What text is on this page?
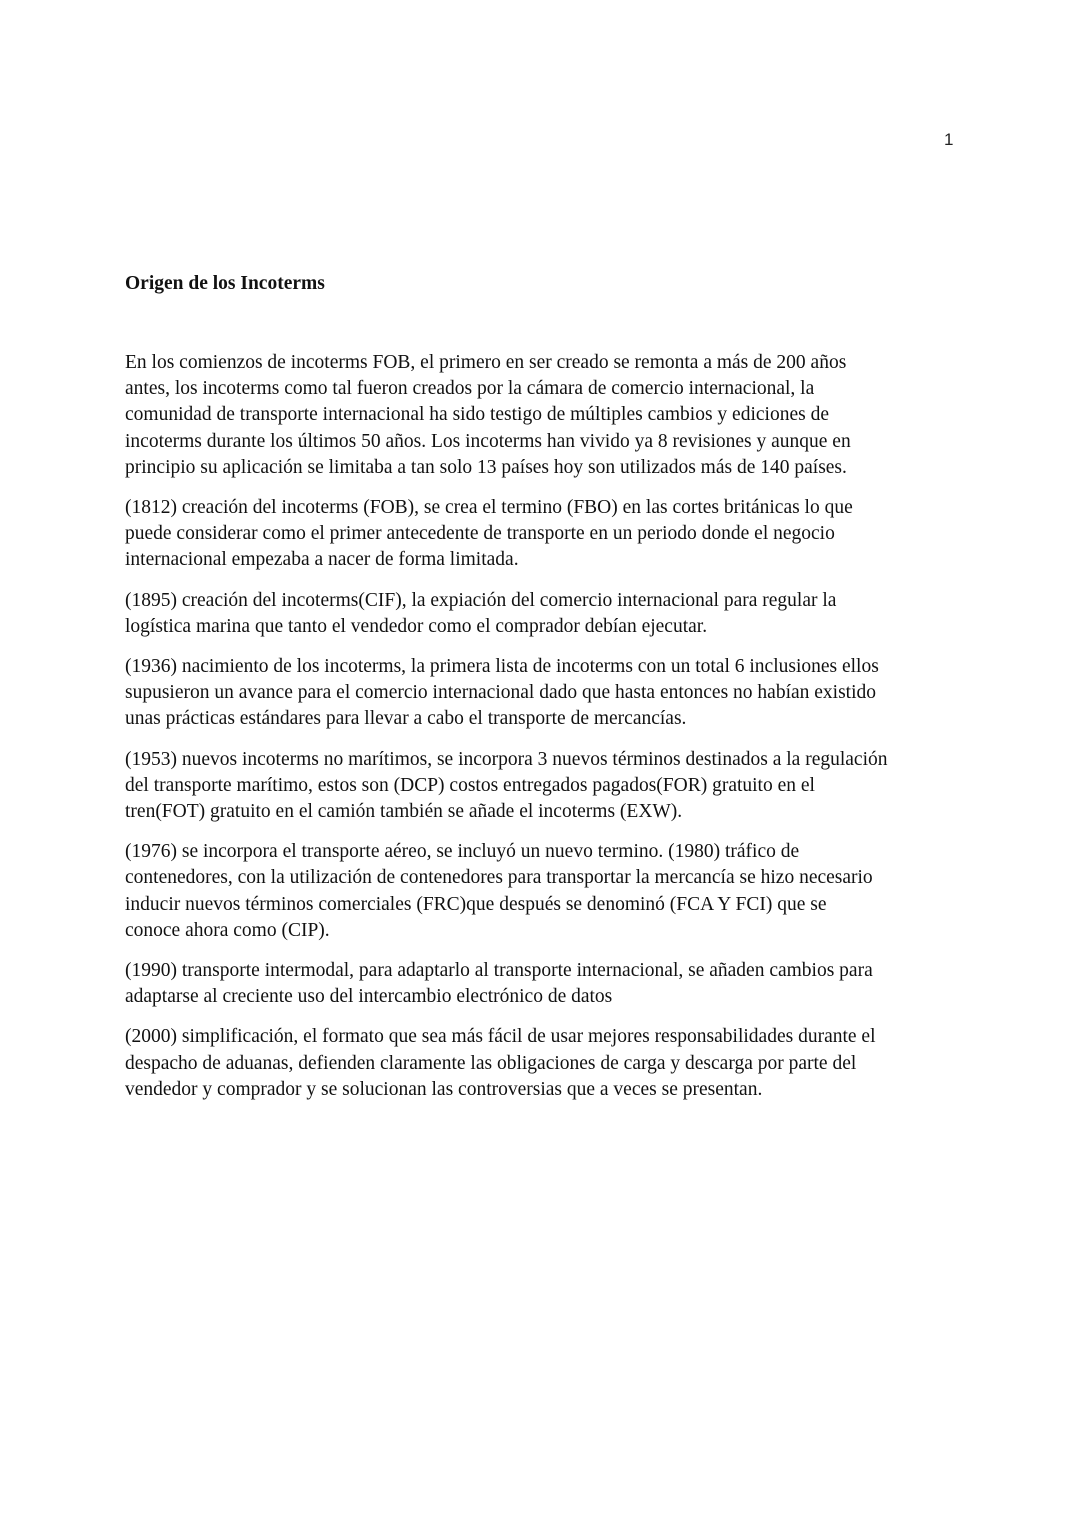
1
Origen de los Incoterms

En los comienzos de incoterms FOB, el primero en ser creado se remonta a más de 200 años
antes, los incoterms como tal fueron creados por la cámara de comercio internacional, la
comunidad de transporte internacional ha sido testigo de múltiples cambios y ediciones de
incoterms durante los últimos 50 años. Los incoterms han vivido ya 8 revisiones y aunque en
principio su aplicación se limitaba a tan solo 13 países hoy son utilizados más de 140 países.

(1812) creación del incoterms (FOB), se crea el termino (FBO) en las cortes británicas lo que
puede considerar como el primer antecedente de transporte en un periodo donde el negocio
internacional empezaba a nacer de forma limitada.

(1895) creación del incoterms(CIF), la expiación del comercio internacional para regular la
logística marina que tanto el vendedor como el comprador debían ejecutar.

(1936) nacimiento de los incoterms, la primera lista de incoterms con un total 6 inclusiones ellos
supusieron un avance para el comercio internacional dado que hasta entonces no habían existido
unas prácticas estándares para llevar a cabo el transporte de mercancías.

(1953) nuevos incoterms no marítimos, se incorpora 3 nuevos términos destinados a la regulación
del transporte marítimo, estos son (DCP) costos entregados pagados(FOR) gratuito en el
tren(FOT) gratuito en el camión también se añade el incoterms (EXW).

(1976) se incorpora el transporte aéreo, se incluyó un nuevo termino. (1980) tráfico de
contenedores, con la utilización de contenedores para transportar la mercancía se hizo necesario
inducir nuevos términos comerciales (FRC)que después se denominó (FCA Y FCI) que se
conoce ahora como (CIP).

(1990) transporte intermodal, para adaptarlo al transporte internacional, se añaden cambios para
adaptarse al creciente uso del intercambio electrónico de datos

(2000) simplificación, el formato que sea más fácil de usar mejores responsabilidades durante el
despacho de aduanas, defienden claramente las obligaciones de carga y descarga por parte del
vendedor y comprador y se solucionan las controversias que a veces se presentan.
